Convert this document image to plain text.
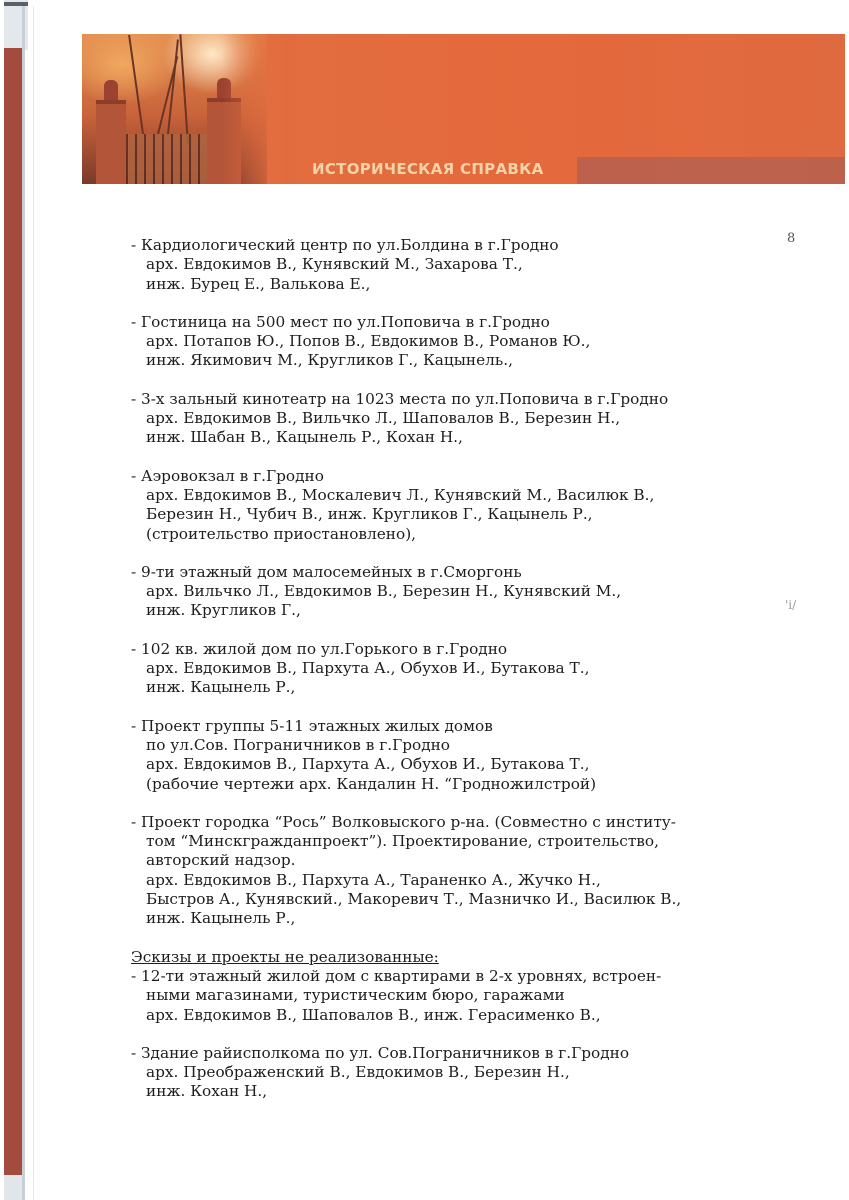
ИСТОРИЧЕСКАЯ СПРАВКА
8
'i/
- Кардиологический центр по ул.Болдина в г.Гродно
арх. Евдокимов В., Кунявский М., Захарова Т.,
инж. Бурец Е., Валькова Е.,
- Гостиница на 500 мест по ул.Поповича в г.Гродно
арх. Потапов Ю., Попов В., Евдокимов В., Романов Ю.,
инж. Якимович М., Кругликов Г., Кацынель.,
- 3-х зальный кинотеатр на 1023 места по ул.Поповича в г.Гродно
арх. Евдокимов В., Вильчко Л., Шаповалов В., Березин Н.,
инж. Шабан В., Кацынель Р., Кохан Н.,
- Аэровокзал в г.Гродно
арх. Евдокимов В., Москалевич Л., Кунявский М., Василюк В.,
Березин Н., Чубич В., инж. Кругликов Г., Кацынель Р.,
(строительство приостановлено),
- 9-ти этажный дом малосемейных в г.Сморгонь
арх. Вильчко Л., Евдокимов В., Березин Н., Кунявский М.,
инж. Кругликов Г.,
- 102 кв. жилой дом по ул.Горького в г.Гродно
арх. Евдокимов В., Пархута А., Обухов И., Бутакова Т.,
инж. Кацынель Р.,
- Проект группы 5-11 этажных жилых домов
по ул.Сов. Пограничников в г.Гродно
арх. Евдокимов В., Пархута А., Обухов И., Бутакова Т.,
(рабочие чертежи арх. Кандалин Н. “Гродножилстрой)
- Проект городка “Рось” Волковыского р-на. (Совместно с институ-
том “Минскгражданпроект”). Проектирование, строительство,
авторский надзор.
арх. Евдокимов В., Пархута А., Тараненко А., Жучко Н.,
Быстров А., Кунявский., Макоревич Т., Мазничко И., Василюк В.,
инж. Кацынель Р.,
Эскизы и проекты не реализованные:
- 12-ти этажный жилой дом с квартирами в 2-х уровнях, встроен-
ными магазинами, туристическим бюро, гаражами
арх. Евдокимов В., Шаповалов В., инж. Герасименко В.,
- Здание райисполкома по ул. Сов.Пограничников в г.Гродно
арх. Преображенский В., Евдокимов В., Березин Н.,
инж. Кохан Н.,
